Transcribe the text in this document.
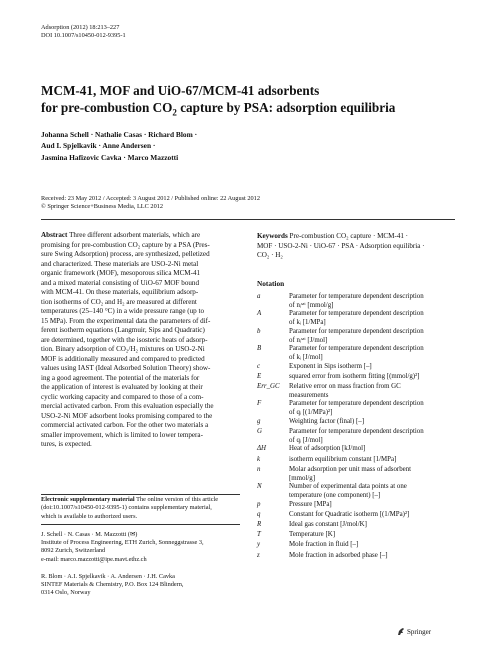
Adsorption (2012) 18:213–227
DOI 10.1007/s10450-012-9395-1
MCM-41, MOF and UiO-67/MCM-41 adsorbents
for pre-combustion $CO_2$ capture by PSA: adsorption equilibria
Johanna Schell · Nathalie Casas · Richard Blom ·
Aud I. Spjelkavik · Anne Andersen ·
Jasmina Hafizovic Cavka · Marco Mazzotti
Received: 23 May 2012 / Accepted: 3 August 2012 / Published online: 22 August 2012
© Springer Science+Business Media, LLC 2012
Abstract Three different adsorbent materials, which are
promising for pre-combustion CO₂ capture by a PSA (Pres-
sure Swing Adsorption) process, are synthesized, pelletized
and characterized. These materials are USO-2-Ni metal
organic framework (MOF), mesoporous silica MCM-41
and a mixed material consisting of UiO-67 MOF bound
with MCM-41. On these materials, equilibrium adsorp-
tion isotherms of CO₂ and H₂ are measured at different
temperatures (25–140 °C) in a wide pressure range (up to
15 MPa). From the experimental data the parameters of dif-
ferent isotherm equations (Langmuir, Sips and Quadratic)
are determined, together with the isosteric heats of adsorp-
tion. Binary adsorption of CO₂/H₂ mixtures on USO-2-Ni
MOF is additionally measured and compared to predicted
values using IAST (Ideal Adsorbed Solution Theory) show-
ing a good agreement. The potential of the materials for
the application of interest is evaluated by looking at their
cyclic working capacity and compared to those of a com-
mercial activated carbon. From this evaluation especially the
USO-2-Ni MOF adsorbent looks promising compared to the
commercial activated carbon. For the other two materials a
smaller improvement, which is limited to lower tempera-
tures, is expected.
Keywords Pre-combustion CO₂ capture · MCM-41 ·
MOF · USO-2-Ni · UiO-67 · PSA · Adsorption equilibria ·
CO₂ · H₂
Notation
a	Parameter for temperature dependent description
of nᵢˢᵃᵗ [mmol/g]
A	Parameter for temperature dependent description
of kᵢ [1/MPa]
b	Parameter for temperature dependent description
of nᵢˢᵃᵗ [J/mol]
B	Parameter for temperature dependent description
of kᵢ [J/mol]
c	Exponent in Sips isotherm [–]
E	squared error from isotherm fitting [(mmol/g)²]
Err_GC Relative error on mass fraction from GC
measurements
F	Parameter for temperature dependent description
of qᵢ [(1/MPa)²]
g	Weighting factor (final) [–]
G	Parameter for temperature dependent description
of qᵢ [J/mol]
ΔH	Heat of adsorption [kJ/mol]
k	isotherm equilibrium constant [1/MPa]
n	Molar adsorption per unit mass of adsorbent
[mmol/g]
N	Number of experimental data points at one
temperature (one component) [–]
p	Pressure [MPa]
q	Constant for Quadratic isotherm [(1/MPa)²]
R	Ideal gas constant [J/mol/K]
T	Temperature [K]
y	Mole fraction in fluid [–]
z	Mole fraction in adsorbed phase [–]
Electronic supplementary material The online version of this article
(doi:10.1007/s10450-012-9395-1) contains supplementary material,
which is available to authorized users.
J. Schell · N. Casas · M. Mazzotti (✉)
Institute of Process Engineering, ETH Zurich, Sonneggstrasse 3,
8092 Zurich, Switzerland
e-mail: marco.mazzotti@ipe.mavt.ethz.ch
R. Blom · A.I. Spjelkavik · A. Andersen · J.H. Cavka
SINTEF Materials & Chemistry, P.O. Box 124 Blindern,
0314 Oslo, Norway
Springer
